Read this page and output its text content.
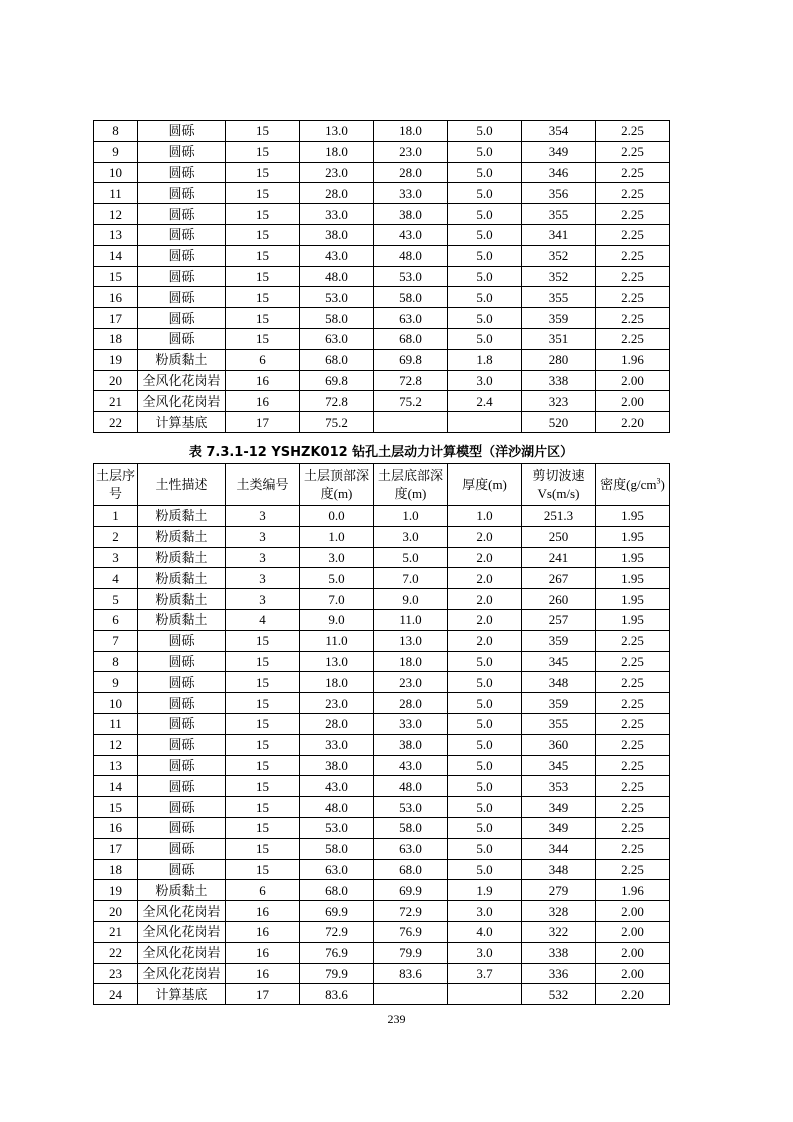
8	圆砾	15	13.0	18.0	5.0	354	2.25
9	圆砾	15	18.0	23.0	5.0	349	2.25
10	圆砾	15	23.0	28.0	5.0	346	2.25
11	圆砾	15	28.0	33.0	5.0	356	2.25
12	圆砾	15	33.0	38.0	5.0	355	2.25
13	圆砾	15	38.0	43.0	5.0	341	2.25
14	圆砾	15	43.0	48.0	5.0	352	2.25
15	圆砾	15	48.0	53.0	5.0	352	2.25
16	圆砾	15	53.0	58.0	5.0	355	2.25
17	圆砾	15	58.0	63.0	5.0	359	2.25
18	圆砾	15	63.0	68.0	5.0	351	2.25
19	粉质黏土	6	68.0	69.8	1.8	280	1.96
20	全风化花岗岩	16	69.8	72.8	3.0	338	2.00
21	全风化花岗岩	16	72.8	75.2	2.4	323	2.00
22	计算基底	17	75.2			520	2.20
表 7.3.1-12 YSHZK012 钻孔土层动力计算模型（洋沙湖片区）
土层序号	土性描述	土类编号	土层顶部深度(m)	土层底部深度(m)	厚度(m)	剪切波速Vs(m/s)	密度$(g/cm^3)$
1	粉质黏土	3	0.0	1.0	1.0	251.3	1.95
2	粉质黏土	3	1.0	3.0	2.0	250	1.95
3	粉质黏土	3	3.0	5.0	2.0	241	1.95
4	粉质黏土	3	5.0	7.0	2.0	267	1.95
5	粉质黏土	3	7.0	9.0	2.0	260	1.95
6	粉质黏土	4	9.0	11.0	2.0	257	1.95
7	圆砾	15	11.0	13.0	2.0	359	2.25
8	圆砾	15	13.0	18.0	5.0	345	2.25
9	圆砾	15	18.0	23.0	5.0	348	2.25
10	圆砾	15	23.0	28.0	5.0	359	2.25
11	圆砾	15	28.0	33.0	5.0	355	2.25
12	圆砾	15	33.0	38.0	5.0	360	2.25
13	圆砾	15	38.0	43.0	5.0	345	2.25
14	圆砾	15	43.0	48.0	5.0	353	2.25
15	圆砾	15	48.0	53.0	5.0	349	2.25
16	圆砾	15	53.0	58.0	5.0	349	2.25
17	圆砾	15	58.0	63.0	5.0	344	2.25
18	圆砾	15	63.0	68.0	5.0	348	2.25
19	粉质黏土	6	68.0	69.9	1.9	279	1.96
20	全风化花岗岩	16	69.9	72.9	3.0	328	2.00
21	全风化花岗岩	16	72.9	76.9	4.0	322	2.00
22	全风化花岗岩	16	76.9	79.9	3.0	338	2.00
23	全风化花岗岩	16	79.9	83.6	3.7	336	2.00
24	计算基底	17	83.6			532	2.20
239
